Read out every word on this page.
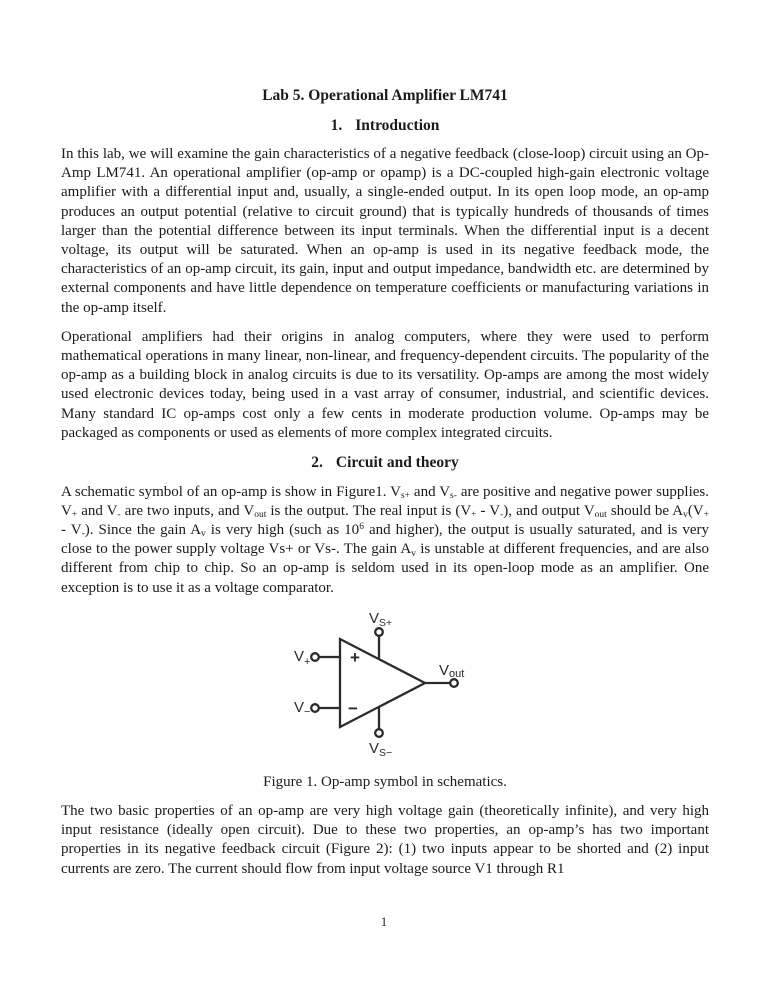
Lab 5. Operational Amplifier LM741

1. Introduction

In this lab, we will examine the gain characteristics of a negative feedback (close-loop) circuit using an Op-Amp LM741. An operational amplifier (op-amp or opamp) is a DC-coupled high-gain electronic voltage amplifier with a differential input and, usually, a single-ended output. In its open loop mode, an op-amp produces an output potential (relative to circuit ground) that is typically hundreds of thousands of times larger than the potential difference between its input terminals. When the differential input is a decent voltage, its output will be saturated. When an op-amp is used in its negative feedback mode, the characteristics of an op-amp circuit, its gain, input and output impedance, bandwidth etc. are determined by external components and have little dependence on temperature coefficients or manufacturing variations in the op-amp itself.

Operational amplifiers had their origins in analog computers, where they were used to perform mathematical operations in many linear, non-linear, and frequency-dependent circuits. The popularity of the op-amp as a building block in analog circuits is due to its versatility. Op-amps are among the most widely used electronic devices today, being used in a vast array of consumer, industrial, and scientific devices. Many standard IC op-amps cost only a few cents in moderate production volume. Op-amps may be packaged as components or used as elements of more complex integrated circuits.

2. Circuit and theory

A schematic symbol of an op-amp is show in Figure1. Vs+ and Vs- are positive and negative power supplies. V+ and V- are two inputs, and Vout is the output. The real input is (V+ - V-), and output Vout should be Av(V+ - V-). Since the gain Av is very high (such as $10^6$ and higher), the output is usually saturated, and is very close to the power supply voltage Vs+ or Vs-. The gain Av is unstable at different frequencies, and are also different from chip to chip. So an op-amp is seldom used in its open-loop mode as an amplifier. One exception is to use it as a voltage comparator.

+
−
$V_{S+}$
$V_+$
$V_-$
Vout
$V_{S-}$

Figure 1. Op-amp symbol in schematics.

The two basic properties of an op-amp are very high voltage gain (theoretically infinite), and very high input resistance (ideally open circuit). Due to these two properties, an op-amp’s has two important properties in its negative feedback circuit (Figure 2): (1) two inputs appear to be shorted and (2) input currents are zero. The current should flow from input voltage source V1 through R1

1
